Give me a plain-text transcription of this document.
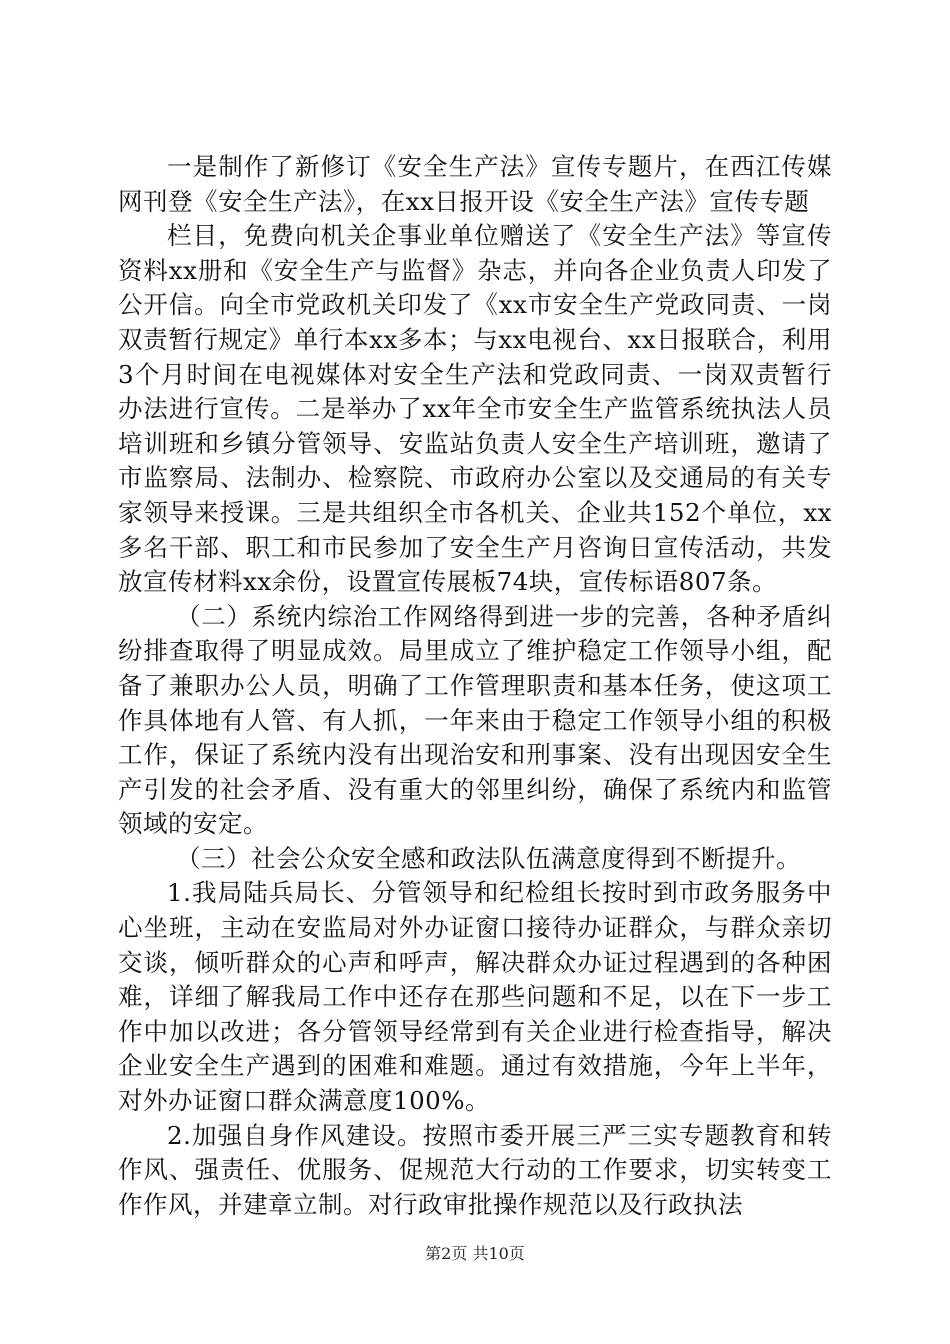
一是制作了新修订《安全生产法》宣传专题片，在西江传媒网刊登《安全生产法》，在xx日报开设《安全生产法》宣传专题

栏目，免费向机关企事业单位赠送了《安全生产法》等宣传资料xx册和《安全生产与监督》杂志，并向各企业负责人印发了公开信。向全市党政机关印发了《xx市安全生产党政同责、一岗双责暂行规定》单行本xx多本；与xx电视台、xx日报联合，利用3个月时间在电视媒体对安全生产法和党政同责、一岗双责暂行办法进行宣传。二是举办了xx年全市安全生产监管系统执法人员培训班和乡镇分管领导、安监站负责人安全生产培训班，邀请了市监察局、法制办、检察院、市政府办公室以及交通局的有关专家领导来授课。三是共组织全市各机关、企业共152个单位，xx多名干部、职工和市民参加了安全生产月咨询日宣传活动，共发放宣传材料xx余份，设置宣传展板74块，宣传标语807条。

（二）系统内综治工作网络得到进一步的完善，各种矛盾纠纷排查取得了明显成效。局里成立了维护稳定工作领导小组，配备了兼职办公人员，明确了工作管理职责和基本任务，使这项工作具体地有人管、有人抓，一年来由于稳定工作领导小组的积极工作，保证了系统内没有出现治安和刑事案、没有出现因安全生产引发的社会矛盾、没有重大的邻里纠纷，确保了系统内和监管领域的安定。

（三）社会公众安全感和政法队伍满意度得到不断提升。

1.我局陆兵局长、分管领导和纪检组长按时到市政务服务中心坐班，主动在安监局对外办证窗口接待办证群众，与群众亲切交谈，倾听群众的心声和呼声，解决群众办证过程遇到的各种困难，详细了解我局工作中还存在那些问题和不足，以在下一步工作中加以改进；各分管领导经常到有关企业进行检查指导，解决企业安全生产遇到的困难和难题。通过有效措施，今年上半年，对外办证窗口群众满意度100%。

2.加强自身作风建设。按照市委开展三严三实专题教育和转作风、强责任、优服务、促规范大行动的工作要求，切实转变工作作风，并建章立制。对行政审批操作规范以及行政执法

第2页 共10页
